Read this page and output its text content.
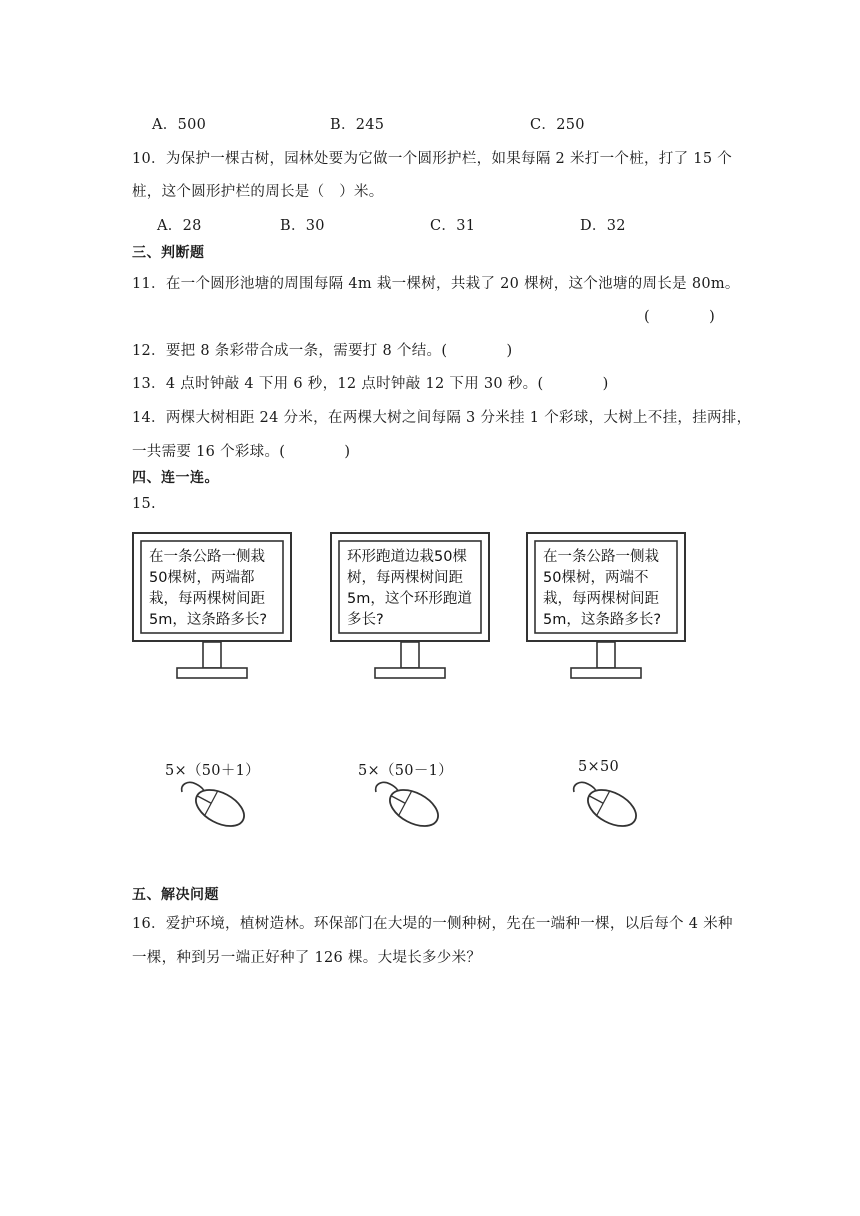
A．500	B．245	C．250
10．为保护一棵古树，园林处要为它做一个圆形护栏，如果每隔 2 米打一个桩，打了 15 个
桩，这个圆形护栏的周长是（　）米。
A．28	B．30	C．31	D．32
三、判断题
11．在一个圆形池塘的周围每隔 4m 栽一棵树，共栽了 20 棵树，这个池塘的周长是 80m。
(　　　　)
12．要把 8 条彩带合成一条，需要打 8 个结。(　　　　)
13．4 点时钟敲 4 下用 6 秒，12 点时钟敲 12 下用 30 秒。(　　　　)
14．两棵大树相距 24 分米，在两棵大树之间每隔 3 分米挂 1 个彩球，大树上不挂，挂两排，
一共需要 16 个彩球。(　　　　)
四、连一连。
15.
在一条公路一侧栽50棵树，两端都栽，每两棵树间距5m，这条路多长?
环形跑道边栽50棵树，每两棵树间距5m，这个环形跑道多长?
在一条公路一侧栽50棵树，两端不栽，每两棵树间距5m，这条路多长?
5×（50＋1）	5×（50－1）	5×50
五、解决问题
16．爱护环境，植树造林。环保部门在大堤的一侧种树，先在一端种一棵，以后每个 4 米种
一棵，种到另一端正好种了 126 棵。大堤长多少米？
